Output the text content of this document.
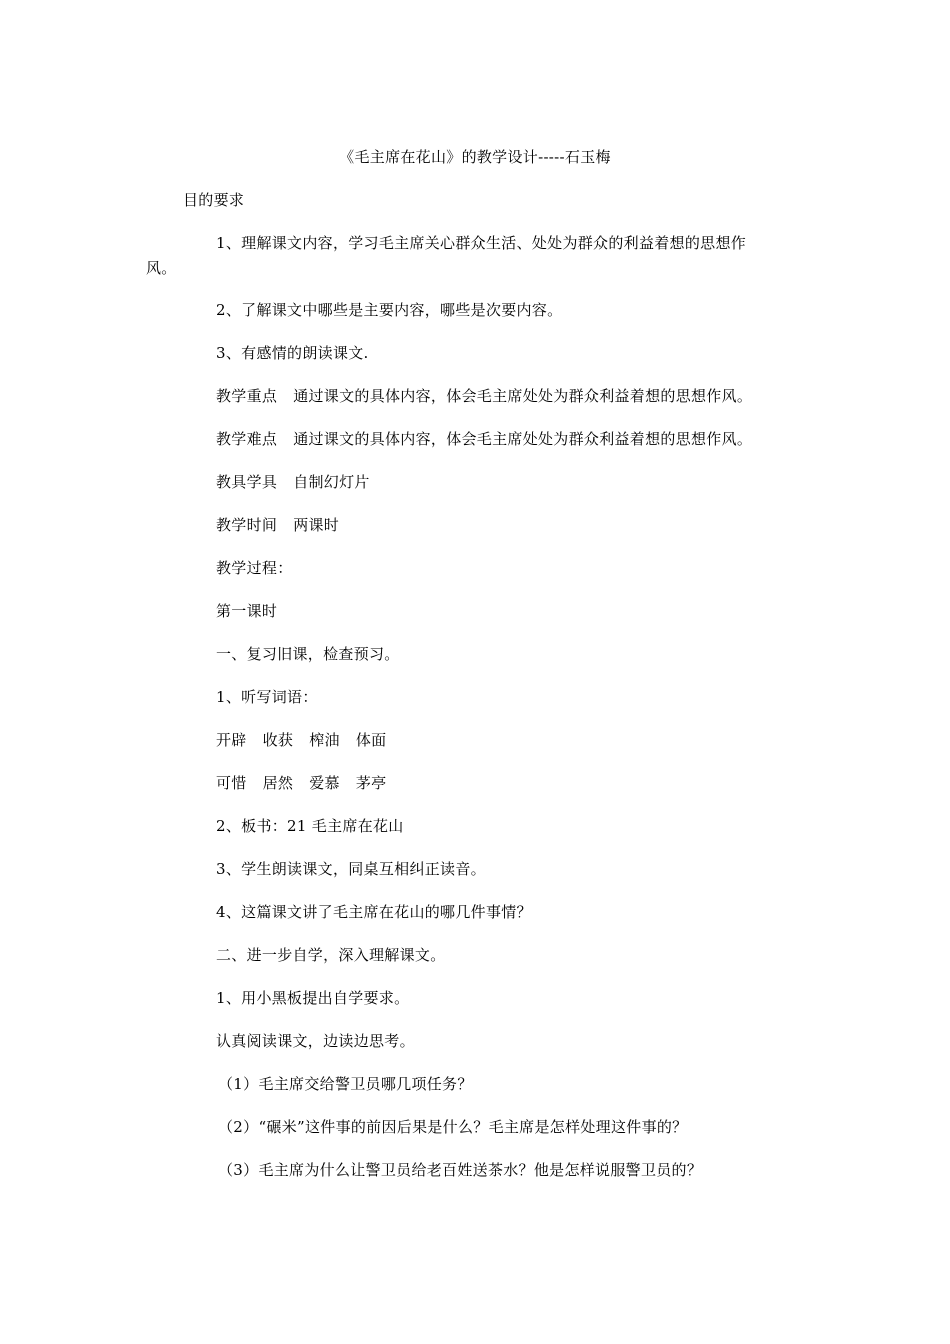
《毛主席在花山》的教学设计-----石玉梅
目的要求
1、理解课文内容，学习毛主席关心群众生活、处处为群众的利益着想的思想作
风。
2、了解课文中哪些是主要内容，哪些是次要内容。
3、有感情的朗读课文.
教学重点 通过课文的具体内容，体会毛主席处处为群众利益着想的思想作风。
教学难点 通过课文的具体内容，体会毛主席处处为群众利益着想的思想作风。
教具学具 自制幻灯片
教学时间 两课时
教学过程：
第一课时
一、复习旧课，检查预习。
1、听写词语：
开辟 收获 榨油 体面
可惜 居然 爱慕 茅亭
2、板书：21 毛主席在花山
3、学生朗读课文，同桌互相纠正读音。
4、这篇课文讲了毛主席在花山的哪几件事情？
二、进一步自学，深入理解课文。
1、用小黑板提出自学要求。
认真阅读课文，边读边思考。
（1）毛主席交给警卫员哪几项任务？
（2）“碾米”这件事的前因后果是什么？毛主席是怎样处理这件事的？
（3）毛主席为什么让警卫员给老百姓送茶水？他是怎样说服警卫员的？
